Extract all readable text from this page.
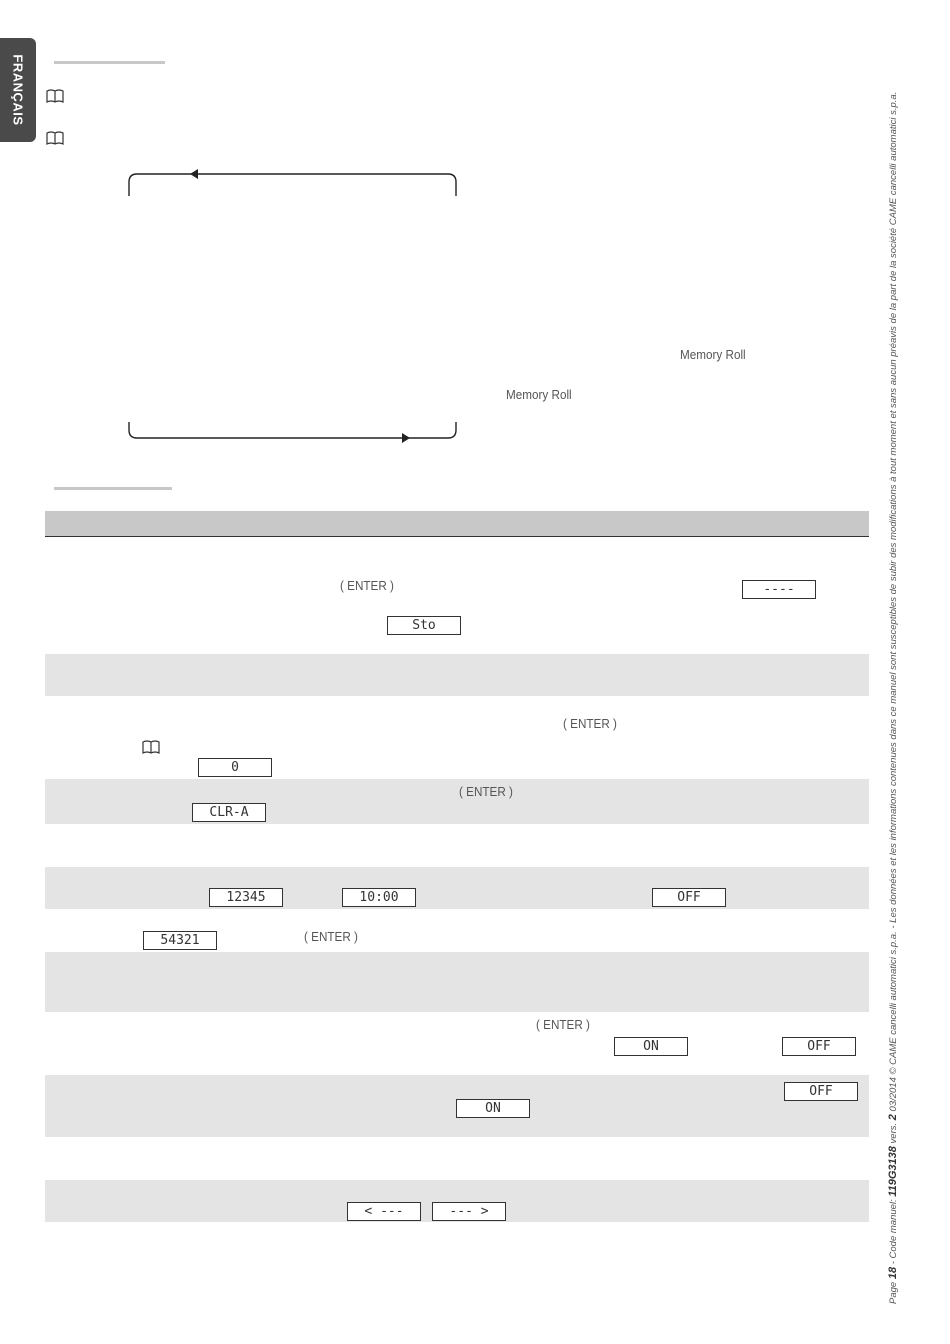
FRANÇAIS
Memory Roll
Memory Roll
( ENTER )
( ENTER )
( ENTER )
( ENTER )
( ENTER )
----
Sto
0
CLR-A
12345	10:00	OFF
54321
ON	OFF
OFF
ON
< ---	--- >
Page 18 - Code manuel: 119G3138 vers. 2 03/2014 © CAME cancelli automatici s.p.a. - Les données et les informations contenues dans ce manuel sont susceptibles de subir des modifications à tout moment et sans aucun préavis de la part de la société CAME cancelli automatici s.p.a.
